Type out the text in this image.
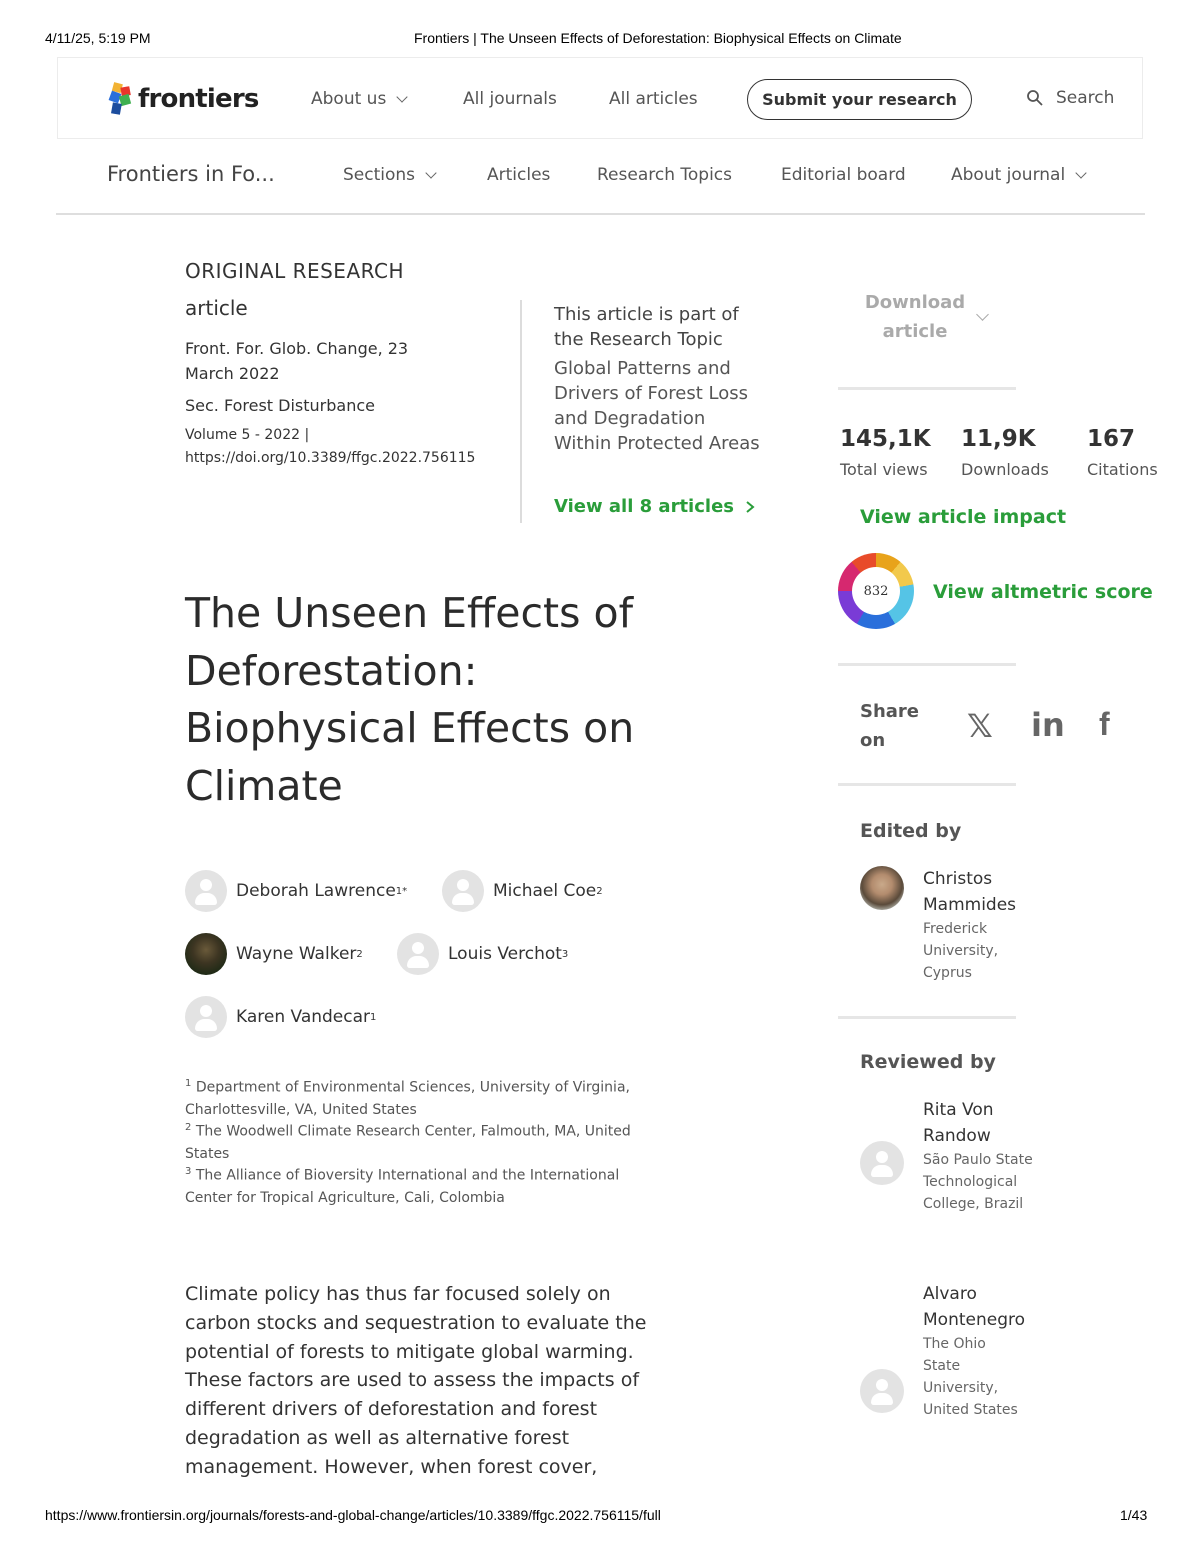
4/11/25, 5:19 PM	Frontiers | The Unseen Effects of Deforestation: Biophysical Effects on Climate
frontiers	About us	All journals	All articles	Submit your research	Search
Frontiers in Fo...	Sections	Articles	Research Topics	Editorial board	About journal
ORIGINAL RESEARCH
article
Front. For. Glob. Change, 23
March 2022
Sec. Forest Disturbance
Volume 5 - 2022 |
https://doi.org/10.3389/ffgc.2022.756115
This article is part of the Research Topic
Global Patterns and Drivers of Forest Loss and Degradation Within Protected Areas
View all 8 articles
The Unseen Effects of Deforestation: Biophysical Effects on Climate
Deborah Lawrence 1*	Michael Coe 2
Wayne Walker 2	Louis Verchot 3
Karen Vandecar 1
$^1$ Department of Environmental Sciences, University of Virginia, Charlottesville, VA, United States
$^2$ The Woodwell Climate Research Center, Falmouth, MA, United States
$^3$ The Alliance of Bioversity International and the International Center for Tropical Agriculture, Cali, Colombia

Climate policy has thus far focused solely on carbon stocks and sequestration to evaluate the potential of forests to mitigate global warming. These factors are used to assess the impacts of different drivers of deforestation and forest degradation as well as alternative forest management. However, when forest cover,

Download article
145,1K
Total views
11,9K
Downloads
167
Citations
View article impact
832	View altmetric score
Share on	𝕏 in f
Edited by
Christos Mammides
Frederick University, Cyprus
Reviewed by
Rita Von Randow
São Paulo State Technological College, Brazil
Alvaro Montenegro
The Ohio State University, United States
https://www.frontiersin.org/journals/forests-and-global-change/articles/10.3389/ffgc.2022.756115/full	1/43
